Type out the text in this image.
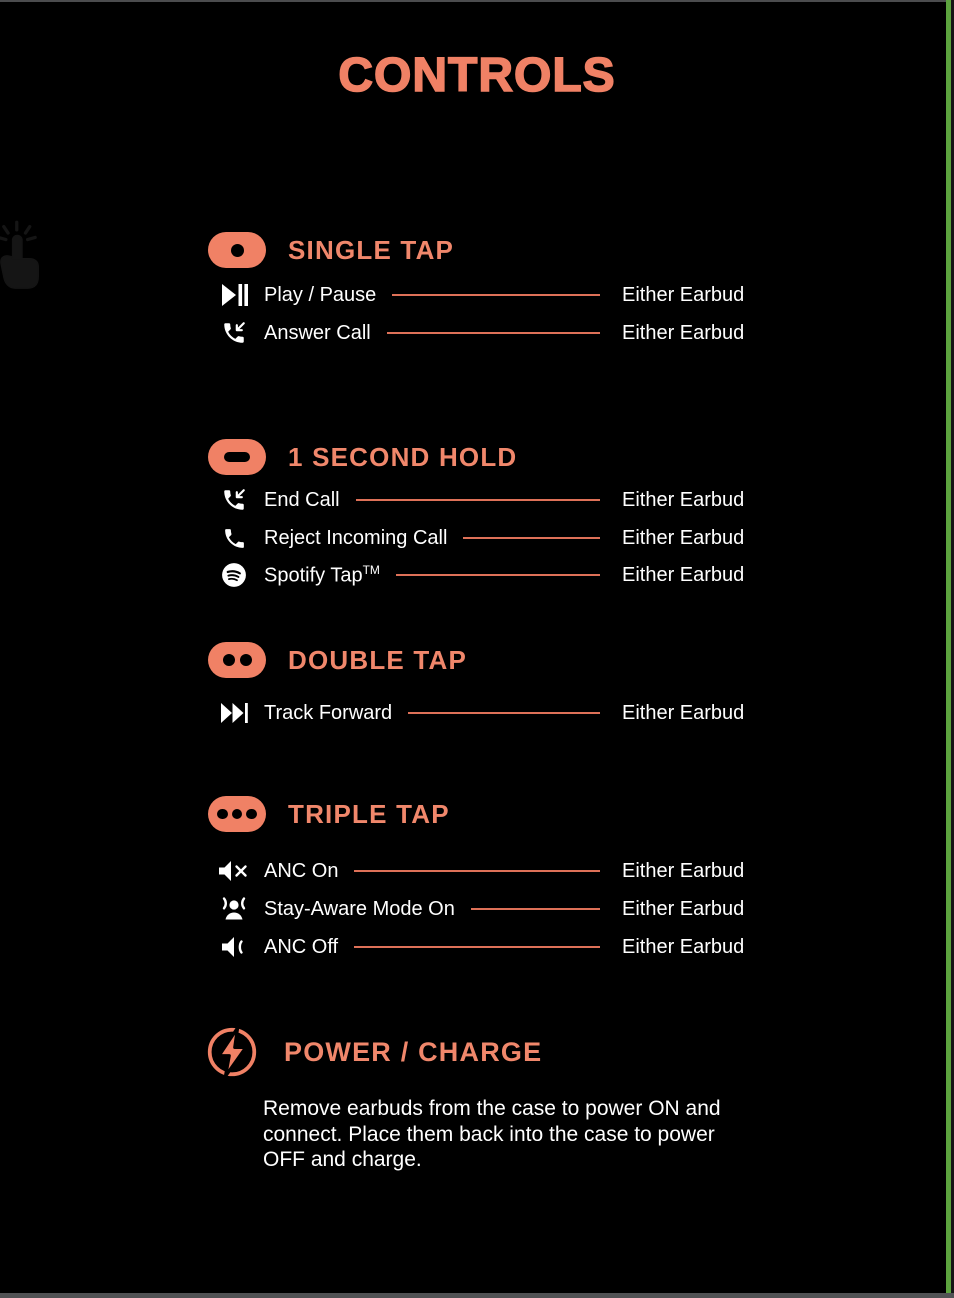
CONTROLS
SINGLE TAP
Play / Pause	Either Earbud
Answer Call	Either Earbud
1 SECOND HOLD
End Call	Either Earbud
Reject Incoming Call	Either Earbud
Spotify Tap™	Either Earbud
DOUBLE TAP
Track Forward	Either Earbud
TRIPLE TAP
ANC On	Either Earbud
Stay-Aware Mode On	Either Earbud
ANC Off	Either Earbud
POWER / CHARGE
Remove earbuds from the case to power ON and connect. Place them back into the case to power OFF and charge.
